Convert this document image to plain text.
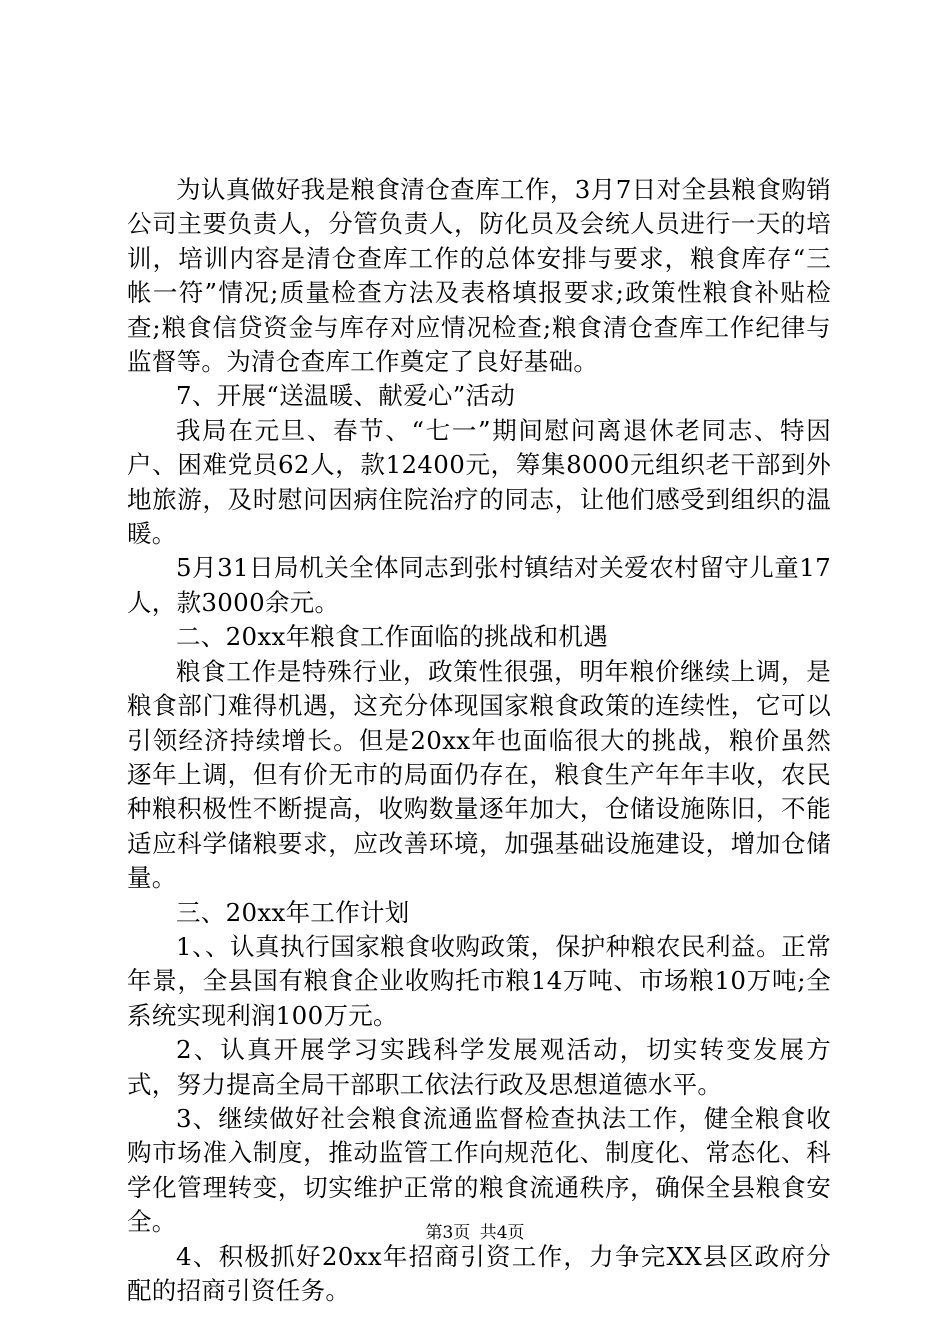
为认真做好我是粮食清仓查库工作，3月7日对全县粮食购销公司主要负责人，分管负责人，防化员及会统人员进行一天的培训，培训内容是清仓查库工作的总体安排与要求，粮食库存“三帐一符”情况;质量检查方法及表格填报要求;政策性粮食补贴检查;粮食信贷资金与库存对应情况检查;粮食清仓查库工作纪律与监督等。为清仓查库工作奠定了良好基础。

7、开展“送温暖、献爱心”活动

我局在元旦、春节、“七一”期间慰问离退休老同志、特因户、困难党员62人，款12400元，筹集8000元组织老干部到外地旅游，及时慰问因病住院治疗的同志，让他们感受到组织的温暖。

5月31日局机关全体同志到张村镇结对关爱农村留守儿童17人，款3000余元。

二、20xx年粮食工作面临的挑战和机遇

粮食工作是特殊行业，政策性很强，明年粮价继续上调，是粮食部门难得机遇，这充分体现国家粮食政策的连续性，它可以引领经济持续增长。但是20xx年也面临很大的挑战，粮价虽然逐年上调，但有价无市的局面仍存在，粮食生产年年丰收，农民种粮积极性不断提高，收购数量逐年加大，仓储设施陈旧，不能适应科学储粮要求，应改善环境，加强基础设施建设，增加仓储量。

三、20xx年工作计划

1、、认真执行国家粮食收购政策，保护种粮农民利益。正常年景，全县国有粮食企业收购托市粮14万吨、市场粮10万吨;全系统实现利润100万元。

2、认真开展学习实践科学发展观活动，切实转变发展方式，努力提高全局干部职工依法行政及思想道德水平。

3、继续做好社会粮食流通监督检查执法工作，健全粮食收购市场准入制度，推动监管工作向规范化、制度化、常态化、科学化管理转变，切实维护正常的粮食流通秩序，确保全县粮食安全。

4、积极抓好20xx年招商引资工作，力争完XX县区政府分配的招商引资任务。

第3页 共4页
